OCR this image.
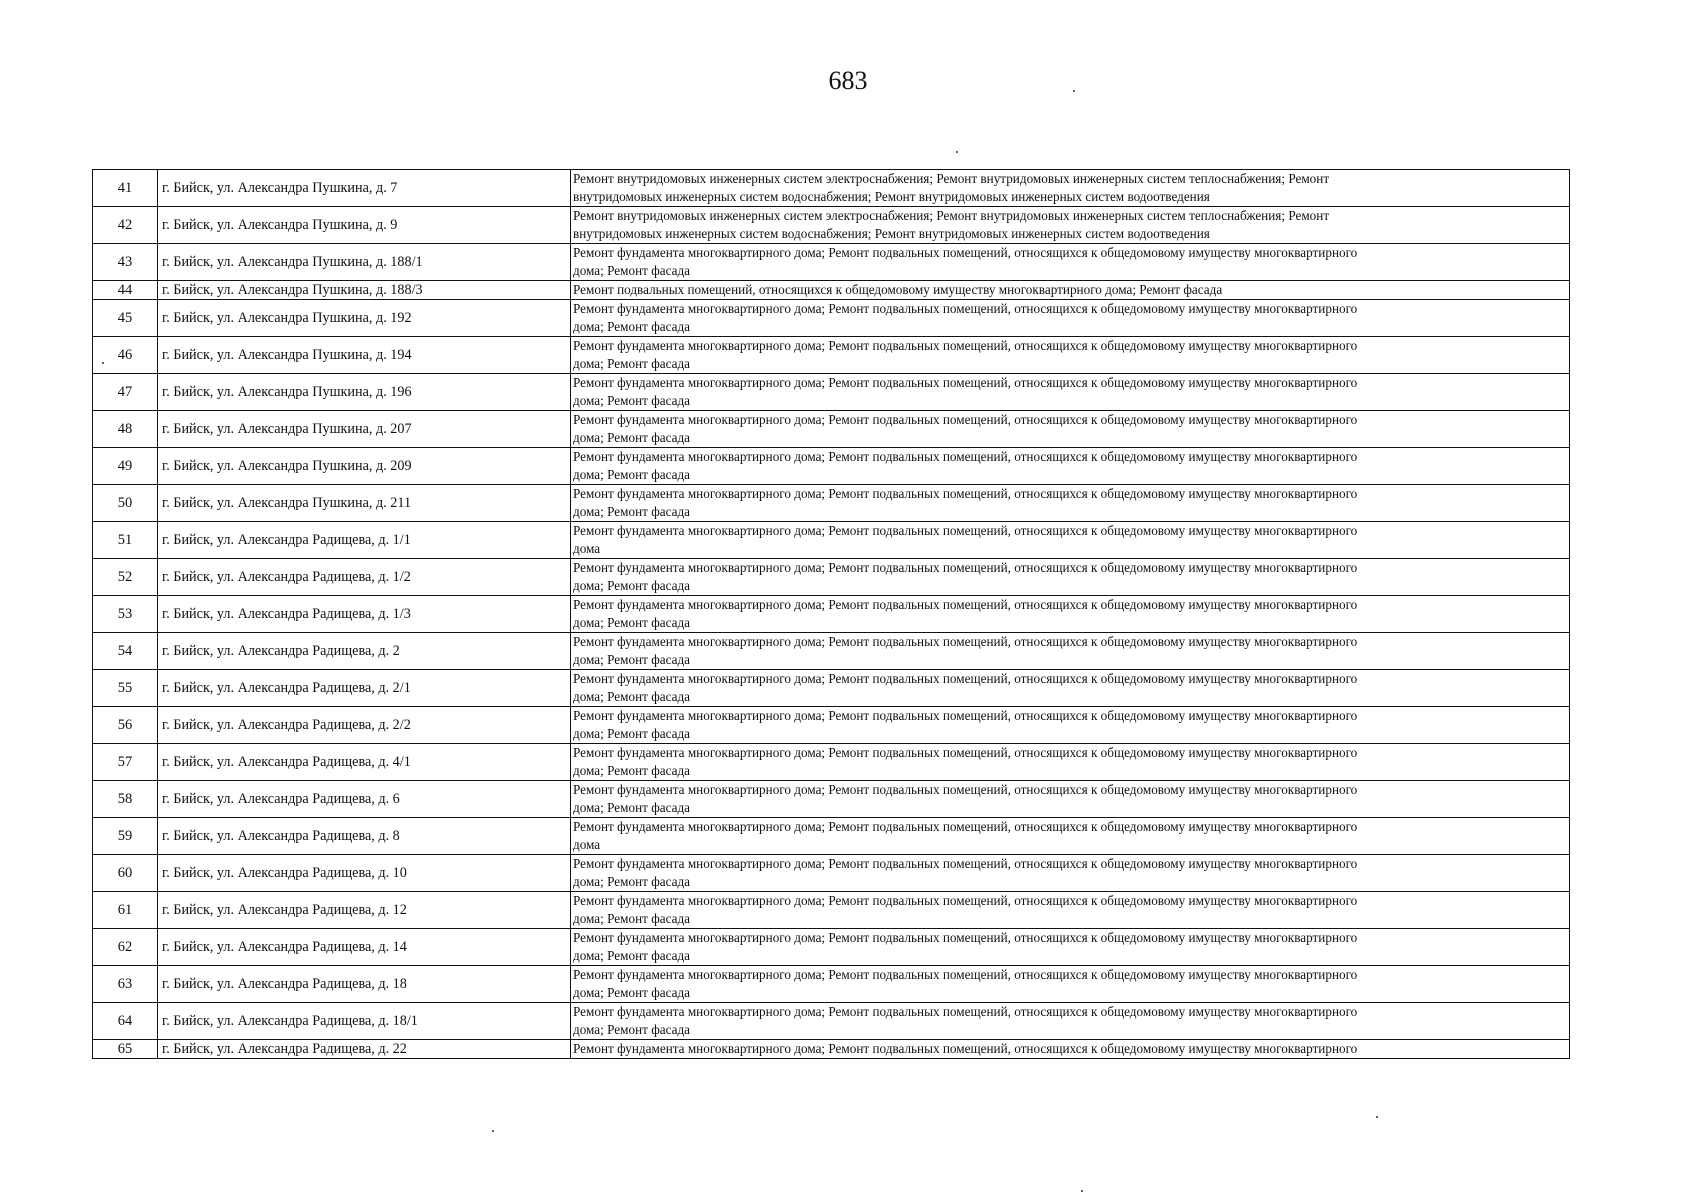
683
41	г. Бийск, ул. Александра Пушкина, д. 7	Ремонт внутридомовых инженерных систем электроснабжения; Ремонт внутридомовых инженерных систем теплоснабжения; Ремонт
внутридомовых инженерных систем водоснабжения; Ремонт внутридомовых инженерных систем водоотведения

42	г. Бийск, ул. Александра Пушкина, д. 9	Ремонт внутридомовых инженерных систем электроснабжения; Ремонт внутридомовых инженерных систем теплоснабжения; Ремонт
внутридомовых инженерных систем водоснабжения; Ремонт внутридомовых инженерных систем водоотведения

43	г. Бийск, ул. Александра Пушкина, д. 188/1	Ремонт фундамента многоквартирного дома; Ремонт подвальных помещений, относящихся к общедомовому имуществу многоквартирного
дома; Ремонт фасада

44	г. Бийск, ул. Александра Пушкина, д. 188/3	Ремонт подвальных помещений, относящихся к общедомовому имуществу многоквартирного дома; Ремонт фасада

45	г. Бийск, ул. Александра Пушкина, д. 192	Ремонт фундамента многоквартирного дома; Ремонт подвальных помещений, относящихся к общедомовому имуществу многоквартирного
дома; Ремонт фасада

46	г. Бийск, ул. Александра Пушкина, д. 194	Ремонт фундамента многоквартирного дома; Ремонт подвальных помещений, относящихся к общедомовому имуществу многоквартирного
дома; Ремонт фасада

47	г. Бийск, ул. Александра Пушкина, д. 196	Ремонт фундамента многоквартирного дома; Ремонт подвальных помещений, относящихся к общедомовому имуществу многоквартирного
дома; Ремонт фасада

48	г. Бийск, ул. Александра Пушкина, д. 207	Ремонт фундамента многоквартирного дома; Ремонт подвальных помещений, относящихся к общедомовому имуществу многоквартирного
дома; Ремонт фасада

49	г. Бийск, ул. Александра Пушкина, д. 209	Ремонт фундамента многоквартирного дома; Ремонт подвальных помещений, относящихся к общедомовому имуществу многоквартирного
дома; Ремонт фасада

50	г. Бийск, ул. Александра Пушкина, д. 211	Ремонт фундамента многоквартирного дома; Ремонт подвальных помещений, относящихся к общедомовому имуществу многоквартирного
дома; Ремонт фасада

51	г. Бийск, ул. Александра Радищева, д. 1/1	Ремонт фундамента многоквартирного дома; Ремонт подвальных помещений, относящихся к общедомовому имуществу многоквартирного
дома

52	г. Бийск, ул. Александра Радищева, д. 1/2	Ремонт фундамента многоквартирного дома; Ремонт подвальных помещений, относящихся к общедомовому имуществу многоквартирного
дома; Ремонт фасада

53	г. Бийск, ул. Александра Радищева, д. 1/3	Ремонт фундамента многоквартирного дома; Ремонт подвальных помещений, относящихся к общедомовому имуществу многоквартирного
дома; Ремонт фасада

54	г. Бийск, ул. Александра Радищева, д. 2	Ремонт фундамента многоквартирного дома; Ремонт подвальных помещений, относящихся к общедомовому имуществу многоквартирного
дома; Ремонт фасада

55	г. Бийск, ул. Александра Радищева, д. 2/1	Ремонт фундамента многоквартирного дома; Ремонт подвальных помещений, относящихся к общедомовому имуществу многоквартирного
дома; Ремонт фасада

56	г. Бийск, ул. Александра Радищева, д. 2/2	Ремонт фундамента многоквартирного дома; Ремонт подвальных помещений, относящихся к общедомовому имуществу многоквартирного
дома; Ремонт фасада

57	г. Бийск, ул. Александра Радищева, д. 4/1	Ремонт фундамента многоквартирного дома; Ремонт подвальных помещений, относящихся к общедомовому имуществу многоквартирного
дома; Ремонт фасада

58	г. Бийск, ул. Александра Радищева, д. 6	Ремонт фундамента многоквартирного дома; Ремонт подвальных помещений, относящихся к общедомовому имуществу многоквартирного
дома; Ремонт фасада

59	г. Бийск, ул. Александра Радищева, д. 8	Ремонт фундамента многоквартирного дома; Ремонт подвальных помещений, относящихся к общедомовому имуществу многоквартирного
дома

60	г. Бийск, ул. Александра Радищева, д. 10	Ремонт фундамента многоквартирного дома; Ремонт подвальных помещений, относящихся к общедомовому имуществу многоквартирного
дома; Ремонт фасада

61	г. Бийск, ул. Александра Радищева, д. 12	Ремонт фундамента многоквартирного дома; Ремонт подвальных помещений, относящихся к общедомовому имуществу многоквартирного
дома; Ремонт фасада

62	г. Бийск, ул. Александра Радищева, д. 14	Ремонт фундамента многоквартирного дома; Ремонт подвальных помещений, относящихся к общедомовому имуществу многоквартирного
дома; Ремонт фасада

63	г. Бийск, ул. Александра Радищева, д. 18	Ремонт фундамента многоквартирного дома; Ремонт подвальных помещений, относящихся к общедомовому имуществу многоквартирного
дома; Ремонт фасада

64	г. Бийск, ул. Александра Радищева, д. 18/1	Ремонт фундамента многоквартирного дома; Ремонт подвальных помещений, относящихся к общедомовому имуществу многоквартирного
дома; Ремонт фасада

65	г. Бийск, ул. Александра Радищева, д. 22	Ремонт фундамента многоквартирного дома; Ремонт подвальных помещений, относящихся к общедомовому имуществу многоквартирного
